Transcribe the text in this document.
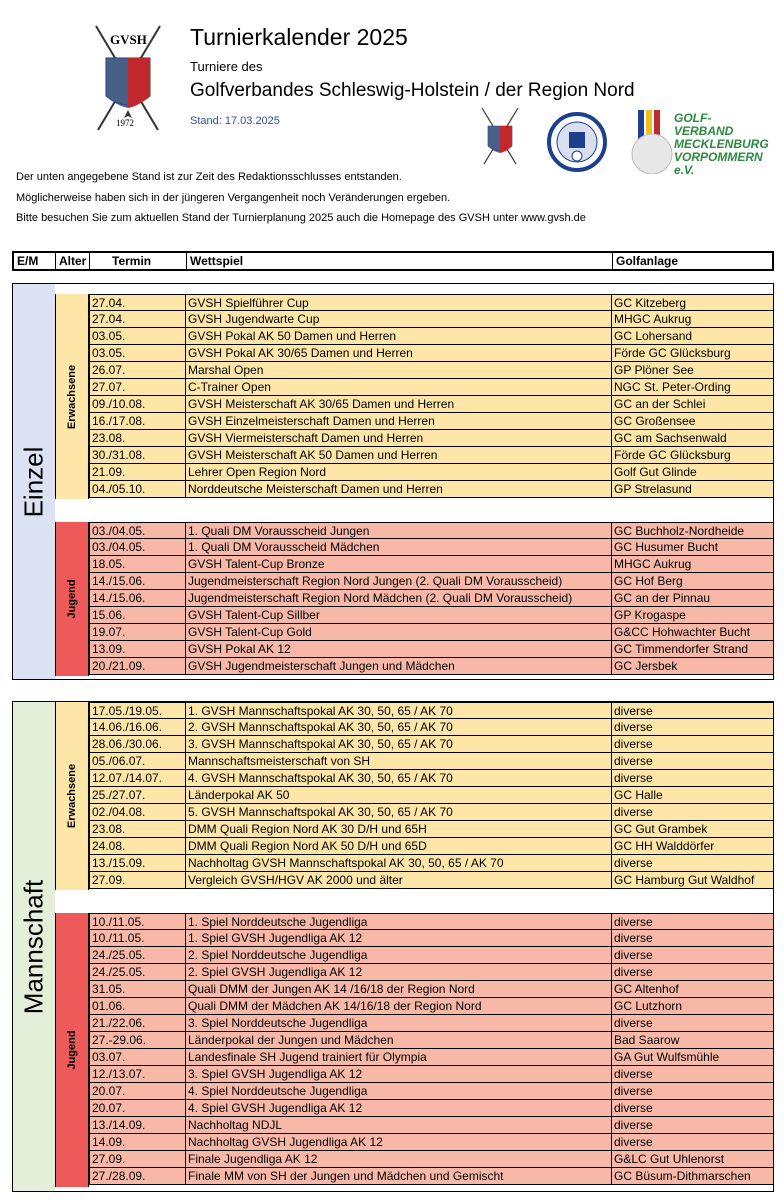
GVSH
1972
Turnierkalender 2025
Turniere des
Golfverbandes Schleswig-Holstein / der Region Nord
Stand: 17.03.2025	GOLF-VERBAND MECKLENBURG VORPOMMERN e.V.
Der unten angegebene Stand ist zur Zeit des Redaktionsschlusses entstanden.
Möglicherweise haben sich in der jüngeren Vergangenheit noch Veränderungen ergeben.
Bitte besuchen Sie zum aktuellen Stand der Turnierplanung 2025 auch die Homepage des GVSH unter www.gvsh.de
E/M	Alter	Termin	Wettspiel	Golfanlage
Einzel
Erwachsene
27.04.	GVSH Spielführer Cup	GC Kitzeberg
27.04.	GVSH Jugendwarte Cup	MHGC Aukrug
03.05.	GVSH Pokal AK 50 Damen und Herren	GC Lohersand
03.05.	GVSH Pokal AK 30/65 Damen und Herren	Förde GC Glücksburg
26.07.	Marshal Open	GP Plöner See
27.07.	C-Trainer Open	NGC St. Peter-Ording
09./10.08.	GVSH Meisterschaft AK 30/65 Damen und Herren	GC an der Schlei
16./17.08.	GVSH Einzelmeisterschaft Damen und Herren	GC Großensee
23.08.	GVSH Viermeisterschaft Damen und Herren	GC am Sachsenwald
30./31.08.	GVSH Meisterschaft AK 50 Damen und Herren	Förde GC Glücksburg
21.09.	Lehrer Open Region Nord	Golf Gut Glinde
04./05.10.	Norddeutsche Meisterschaft Damen und Herren	GP Strelasund
Jugend
03./04.05.	1. Quali DM Vorausscheid Jungen	GC Buchholz-Nordheide
03./04.05.	1. Quali DM Vorausscheid Mädchen	GC Husumer Bucht
18.05.	GVSH Talent-Cup Bronze	MHGC Aukrug
14./15.06.	Jugendmeisterschaft Region Nord Jungen (2. Quali DM Vorausscheid)	GC Hof Berg
14./15.06.	Jugendmeisterschaft Region Nord Mädchen (2. Quali DM Vorausscheid)	GC an der Pinnau
15.06.	GVSH Talent-Cup Sillber	GP Krogaspe
19.07.	GVSH Talent-Cup Gold	G&CC Hohwachter Bucht
13.09.	GVSH Pokal AK 12	GC Timmendorfer Strand
20./21.09.	GVSH Jugendmeisterschaft Jungen und Mädchen	GC Jersbek
Mannschaft
Erwachsene
17.05./19.05.	1. GVSH Mannschaftspokal AK 30, 50, 65 / AK 70	diverse
14.06./16.06.	2. GVSH Mannschaftspokal AK 30, 50, 65 / AK 70	diverse
28.06./30.06.	3. GVSH Mannschaftspokal AK 30, 50, 65 / AK 70	diverse
05./06.07.	Mannschaftsmeisterschaft von SH	diverse
12.07./14.07.	4. GVSH Mannschaftspokal AK 30, 50, 65 / AK 70	diverse
25./27.07.	Länderpokal AK 50	GC Halle
02./04.08.	5. GVSH Mannschaftspokal AK 30, 50, 65 / AK 70	diverse
23.08.	DMM Quali Region Nord AK 30 D/H und 65H	GC Gut Grambek
24.08.	DMM Quali Region Nord AK 50 D/H und 65D	GC HH Walddörfer
13./15.09.	Nachholtag GVSH Mannschaftspokal AK 30, 50, 65 / AK 70	diverse
27.09.	Vergleich GVSH/HGV AK 2000 und älter	GC Hamburg Gut Waldhof
Jugend
10./11.05.	1. Spiel Norddeutsche Jugendliga	diverse
10./11.05.	1. Spiel GVSH Jugendliga AK 12	diverse
24./25.05.	2. Spiel Norddeutsche Jugendliga	diverse
24./25.05.	2. Spiel GVSH Jugendliga AK 12	diverse
31.05.	Quali DMM der Jungen AK 14 /16/18 der Region Nord	GC Altenhof
01.06.	Quali DMM der Mädchen AK 14/16/18 der Region Nord	GC Lutzhorn
21./22.06.	3. Spiel Norddeutsche Jugendliga	diverse
27.-29.06.	Länderpokal der Jungen und Mädchen	Bad Saarow
03.07.	Landesfinale SH Jugend trainiert für Olympia	GA Gut Wulfsmühle
12./13.07.	3. Spiel GVSH Jugendliga AK 12	diverse
20.07.	4. Spiel Norddeutsche Jugendliga	diverse
20.07.	4. Spiel GVSH Jugendliga AK 12	diverse
13./14.09.	Nachholtag NDJL	diverse
14.09.	Nachholtag GVSH Jugendliga AK 12	diverse
27.09.	Finale Jugendliga AK 12	G&LC Gut Uhlenorst
27./28.09.	Finale MM von SH der Jungen und Mädchen und Gemischt	GC Büsum-Dithmarschen
